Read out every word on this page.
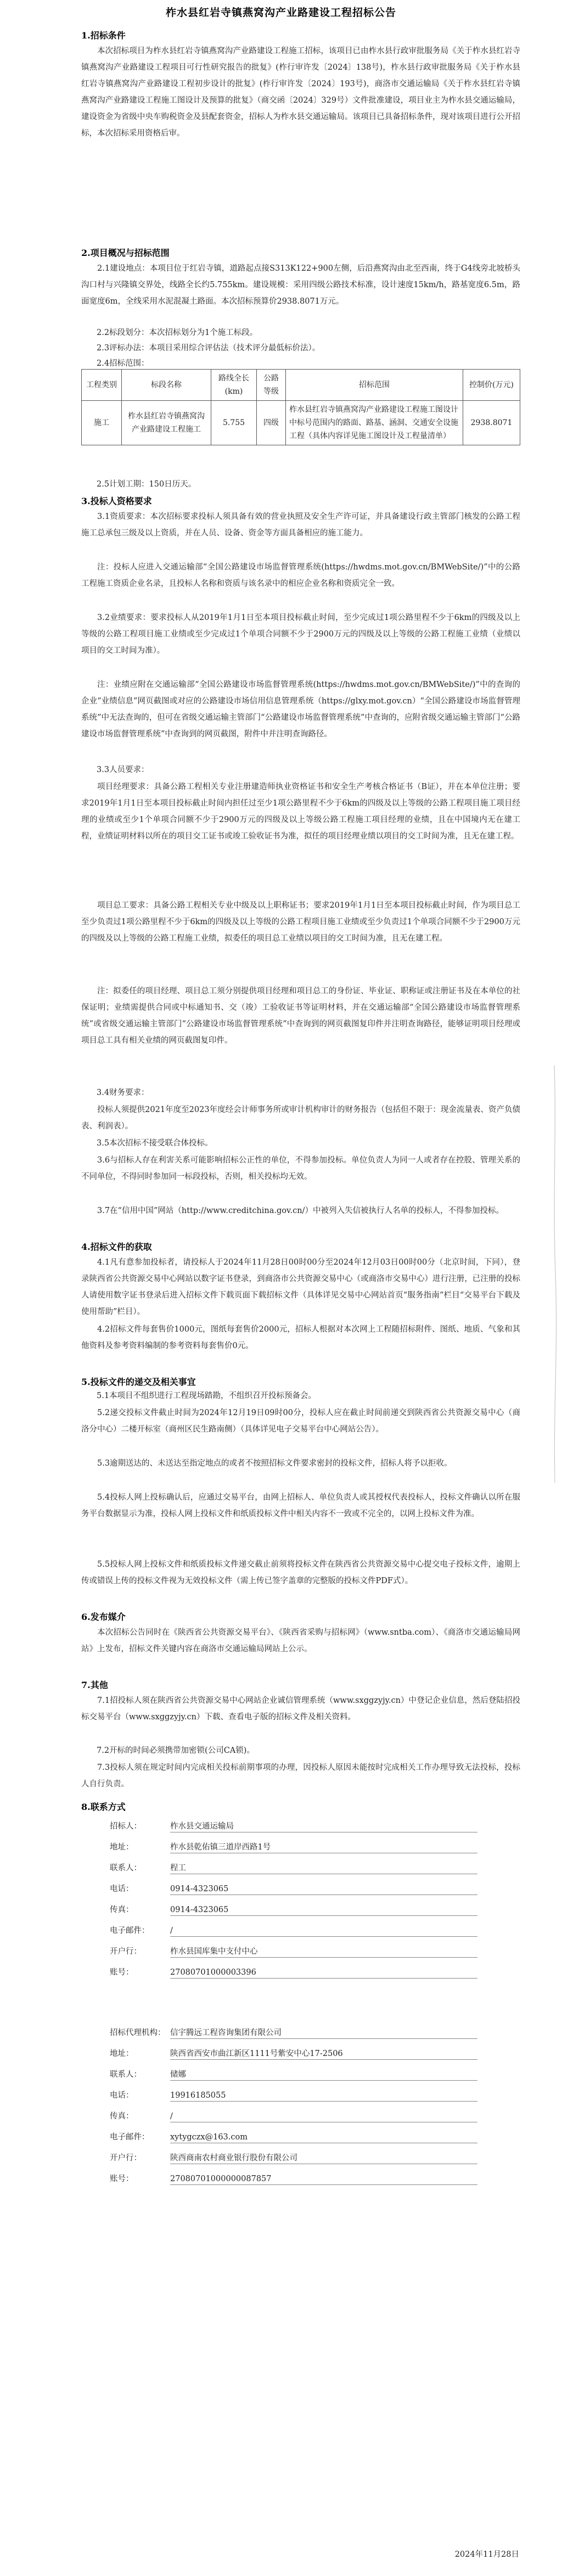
柞水县红岩寺镇燕窝沟产业路建设工程招标公告
1.招标条件
本次招标项目为柞水县红岩寺镇燕窝沟产业路建设工程施工招标，该项目已由柞水县行政审批服务局《关于柞水县红岩寺镇燕窝沟产业路建设工程项目可行性研究报告的批复》(柞行审许发〔2024〕138号)，柞水县行政审批服务局《关于柞水县红岩寺镇燕窝沟产业路建设工程初步设计的批复》(柞行审许发〔2024〕193号)，商洛市交通运输局《关于柞水县红岩寺镇燕窝沟产业路建设工程施工图设计及预算的批复》（商交函〔2024〕329号）文件批准建设，项目业主为柞水县交通运输局，建设资金为省级中央车购税资金及县配套资金，招标人为柞水县交通运输局。该项目已具备招标条件，现对该项目进行公开招标，本次招标采用资格后审。
2.项目概况与招标范围
2.1建设地点：本项目位于红岩寺镇，道路起点接S313K122+900左侧，后沿燕窝沟由北至西南，终于G4线旁北坡桥头沟口村与兴隆镇交界处，线路全长约5.755km。建设规模：采用四级公路技术标准，设计速度15km/h，路基宽度6.5m，路面宽度6m，全线采用水泥混凝土路面。本次招标预算价2938.8071万元。
2.2标段划分：本次招标划分为1个施工标段。
2.3评标办法：本项目采用综合评估法（技术评分最低标价法）。
2.4招标范围：
工程类别	标段名称	路线全长(km)	公路等级	招标范围	控制价(万元)
施工	柞水县红岩寺镇燕窝沟产业路建设工程施工	5.755	四级	柞水县红岩寺镇燕窝沟产业路建设工程施工图设计中标号范围内的路面、路基、涵洞、交通安全设施工程（具体内容详见施工图设计及工程量清单）	2938.8071
2.5计划工期：150日历天。
3.投标人资格要求
3.1资质要求：本次招标要求投标人须具备有效的营业执照及安全生产许可证，并具备建设行政主管部门核发的公路工程施工总承包三级及以上资质，并在人员、设备、资金等方面具备相应的施工能力。
注：投标人应进入交通运输部“全国公路建设市场监督管理系统(https://hwdms.mot.gov.cn/BMWebSite/)”中的公路工程施工资质企业名录，且投标人名称和资质与该名录中的相应企业名称和资质完全一致。
3.2业绩要求：要求投标人从2019年1月1日至本项目投标截止时间，至少完成过1项公路里程不少于6km的四级及以上等级的公路工程项目施工业绩或至少完成过1个单项合同额不少于2900万元的四级及以上等级的公路工程施工业绩（业绩以项目的交工时间为准）。
注：业绩应附在交通运输部“全国公路建设市场监督管理系统(https://hwdms.mot.gov.cn/BMWebSite/)”中的查询的企业“业绩信息”网页截图或对应的公路建设市场信用信息管理系统（https://glxy.mot.gov.cn）“全国公路建设市场监督管理系统”中无法查询的，但可在省级交通运输主管部门“公路建设市场监督管理系统”中查询的，应附省级交通运输主管部门“公路建设市场监督管理系统”中查询到的网页截图，附件中并注明查询路径。
3.3人员要求：
项目经理要求：具备公路工程相关专业注册建造师执业资格证书和安全生产考核合格证书（B证），并在本单位注册；要求2019年1月1日至本项目投标截止时间内担任过至少1项公路里程不少于6km的四级及以上等级的公路工程项目施工项目经理的业绩或至少1个单项合同额不少于2900万元的四级及以上等级公路工程施工项目经理的业绩，且在中国境内无在建工程，业绩证明材料以所在的项目交工证书或竣工验收证书为准，拟任的项目经理业绩以项目的交工时间为准，且无在建工程。
项目总工要求：具备公路工程相关专业中级及以上职称证书；要求2019年1月1日至本项目投标截止时间，作为项目总工至少负责过1项公路里程不少于6km的四级及以上等级的公路工程项目施工业绩或至少负责过1个单项合同额不少于2900万元的四级及以上等级的公路工程施工业绩，拟委任的项目总工业绩以项目的交工时间为准，且无在建工程。
注：拟委任的项目经理、项目总工须分别提供项目经理和项目总工的身份证、毕业证、职称证或注册证书及在本单位的社保证明；业绩需提供合同或中标通知书、交（竣）工验收证书等证明材料，并在交通运输部“全国公路建设市场监督管理系统”或省级交通运输主管部门“公路建设市场监督管理系统”中查询到的网页截图复印件并注明查询路径，能够证明项目经理或项目总工具有相关业绩的网页截图复印件。
3.4财务要求：
投标人须提供2021年度至2023年度经会计师事务所或审计机构审计的财务报告（包括但不限于：现金流量表、资产负债表、利润表）。
3.5本次招标不接受联合体投标。
3.6与招标人存在利害关系可能影响招标公正性的单位，不得参加投标。单位负责人为同一人或者存在控股、管理关系的不同单位，不得同时参加同一标段投标，否则，相关投标均无效。
3.7在“信用中国”网站（http://www.creditchina.gov.cn/）中被列入失信被执行人名单的投标人，不得参加投标。
4.招标文件的获取
4.1凡有意参加投标者，请投标人于2024年11月28日00时00分至2024年12月03日00时00分（北京时间，下同），登录陕西省公共资源交易中心网站以数字证书登录，到商洛市公共资源交易中心（或商洛市交易中心）进行注册，已注册的投标人请使用数字证书登录后进入招标文件下载页面下载招标文件（具体详见交易中心网站首页“服务指南”栏目“交易平台下载及使用帮助”栏目）。
4.2招标文件每套售价1000元，图纸每套售价2000元，招标人根据对本次网上工程随招标附件、图纸、地质、气象和其他资料及参考资料编制的参考资料每套售价0元。
5.投标文件的递交及相关事宜
5.1本项目不组织进行工程现场踏勘，不组织召开投标预备会。
5.2递交投标文件截止时间为2024年12月19日09时00分，投标人应在截止时间前递交到陕西省公共资源交易中心（商洛分中心）二楼开标室（商州区民生路南侧）（具体详见电子交易平台中心网站公告）。
5.3逾期送达的、未送达至指定地点的或者不按照招标文件要求密封的投标文件，招标人将予以拒收。
5.4投标人网上投标确认后，应通过交易平台，由网上招标人、单位负责人或其授权代表投标人，投标文件确认以所在服务平台数据显示为准，投标人网上投标文件和纸质投标文件中相关内容不一致或不完全的，以网上投标文件为准。
5.5投标人网上投标文件和纸质投标文件递交截止前须将投标文件在陕西省公共资源交易中心提交电子投标文件，逾期上传或错误上传的投标文件视为无效投标文件（需上传已签字盖章的完整版的投标文件PDF式）。
6.发布媒介
本次招标公告同时在《陕西省公共资源交易平台》、《陕西省采购与招标网》（www.sntba.com）、《商洛市交通运输局网站》上发布，招标文件关键内容在商洛市交通运输局网站上公示。
7.其他
7.1招投标人须在陕西省公共资源交易中心网站企业诚信管理系统（www.sxggzyjy.cn）中登记企业信息，然后登陆招投标交易平台（www.sxggzyjy.cn）下载、查看电子版的招标文件及相关资料。
7.2开标的时间必须携带加密锁(公司CA锁)。
7.3投标人须在规定时间内完成相关投标前期事项的办理，因投标人原因未能按时完成相关工作办理导致无法投标，投标人自行负责。
8.联系方式
招标人：	柞水县交通运输局
地址：	柞水县乾佑镇三道岸西路1号
联系人：	程工
电话：	0914-4323065
传真：	0914-4323065
电子邮件：	/
开户行：	柞水县国库集中支付中心
账号：	27080701000003396
招标代理机构： 信宇腾远工程咨询集团有限公司
地址：	陕西省西安市曲江新区1111号紫安中心17-2506
联系人：	储娜
电话：	19916185055
传真：	/
电子邮件：	xytygczx@163.com
开户行：	陕西商南农村商业银行股份有限公司
账号：	27080701000000087857
2024年11月28日
